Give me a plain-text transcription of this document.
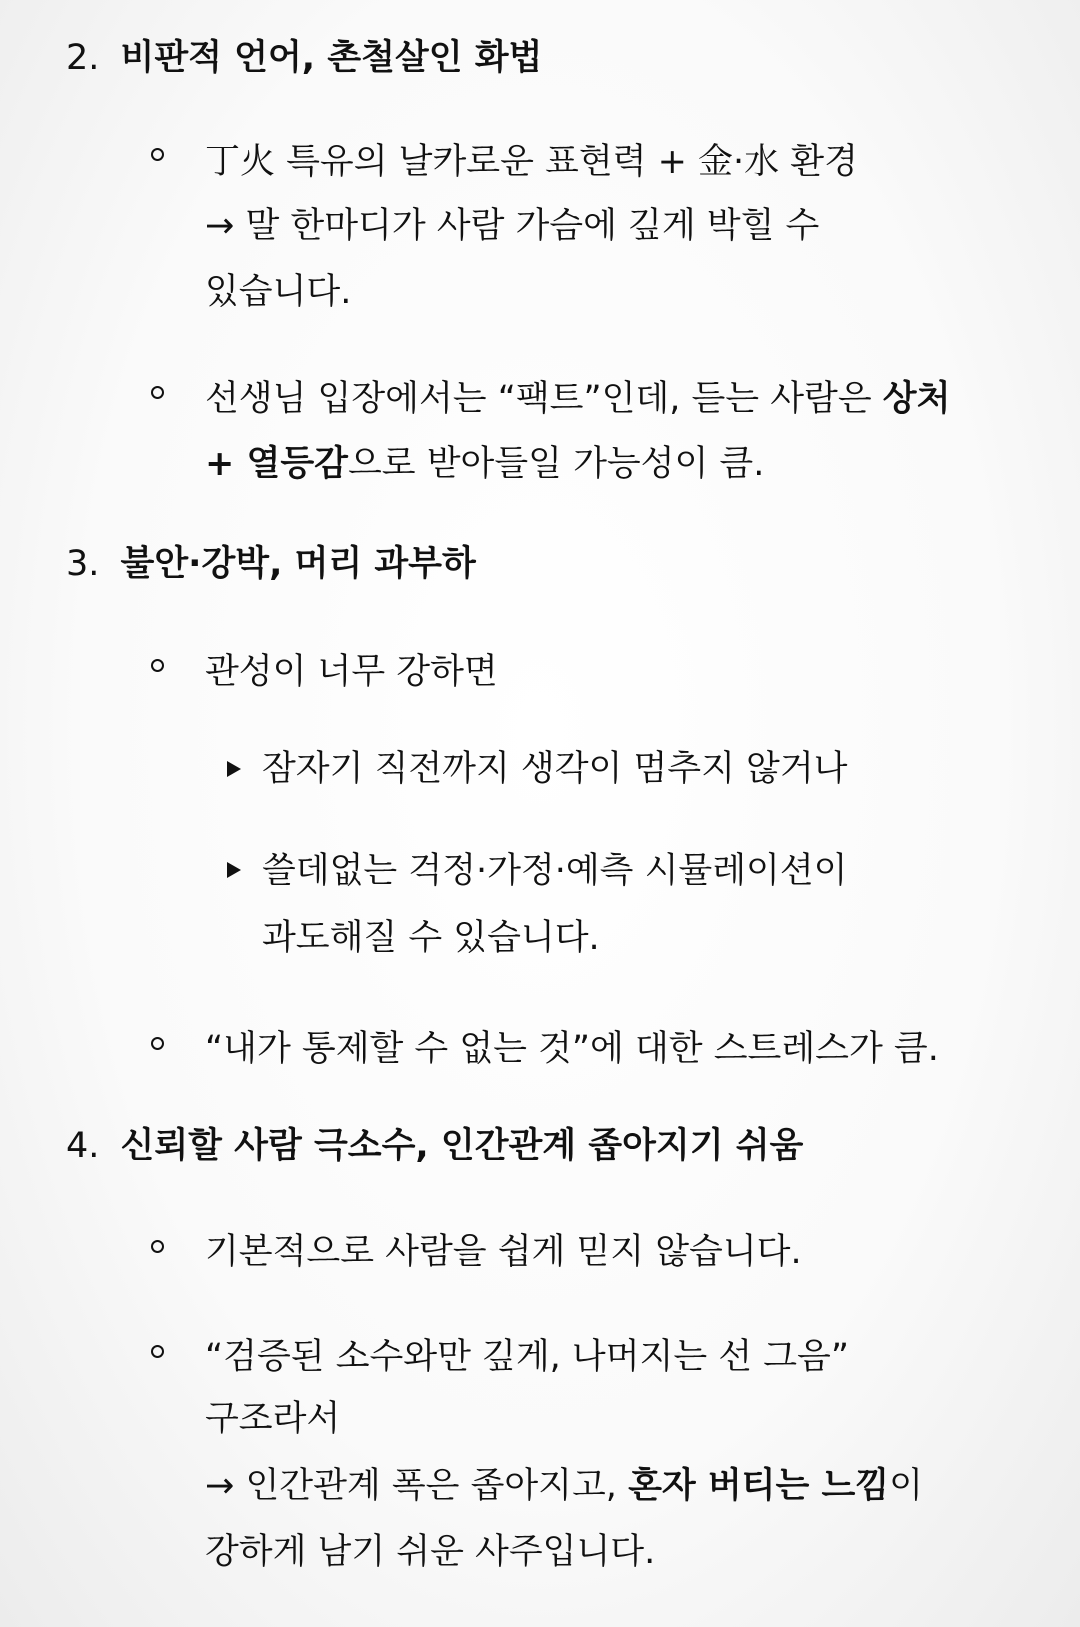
2. 비판적 언어, 촌철살인 화법
丁火 특유의 날카로운 표현력 + 金·水 환경
→ 말 한마디가 사람 가슴에 깊게 박힐 수
있습니다.
선생님 입장에서는 “팩트”인데, 듣는 사람은 상처
+ 열등감으로 받아들일 가능성이 큼.
3. 불안·강박, 머리 과부하
관성이 너무 강하면
잠자기 직전까지 생각이 멈추지 않거나
쓸데없는 걱정·가정·예측 시뮬레이션이
과도해질 수 있습니다.
“내가 통제할 수 없는 것”에 대한 스트레스가 큼.
4. 신뢰할 사람 극소수, 인간관계 좁아지기 쉬움
기본적으로 사람을 쉽게 믿지 않습니다.
“검증된 소수와만 깊게, 나머지는 선 그음”
구조라서
→ 인간관계 폭은 좁아지고, 혼자 버티는 느낌이
강하게 남기 쉬운 사주입니다.
